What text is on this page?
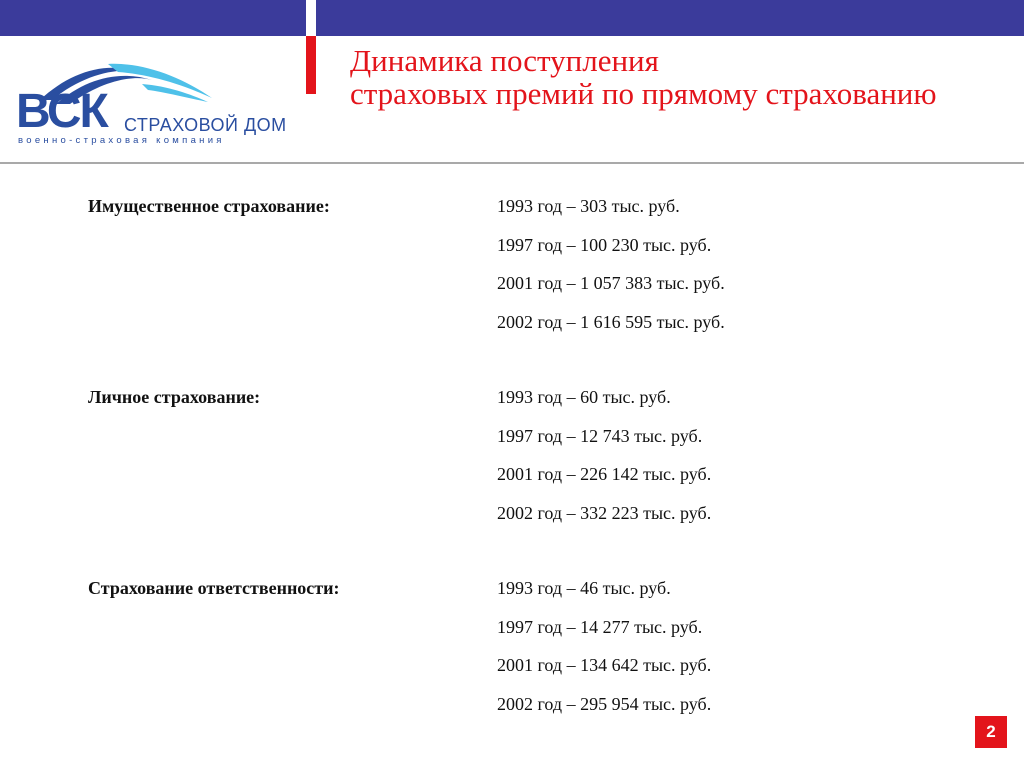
ВСК СТРАХОВОЙ ДОМ
военно-страховая компания
Динамика поступления
страховых премий по прямому страхованию
Имущественное страхование:	1993 год – 303 тыс. руб.
1997 год – 100 230 тыс. руб.
2001 год – 1 057 383 тыс. руб.
2002 год – 1 616 595 тыс. руб.
Личное страхование:	1993 год – 60 тыс. руб.
1997 год – 12 743 тыс. руб.
2001 год – 226 142 тыс. руб.
2002 год – 332 223 тыс. руб.
Страхование ответственности:	1993 год – 46 тыс. руб.
1997 год – 14 277 тыс. руб.
2001 год – 134 642 тыс. руб.
2002 год – 295 954 тыс. руб.
2
